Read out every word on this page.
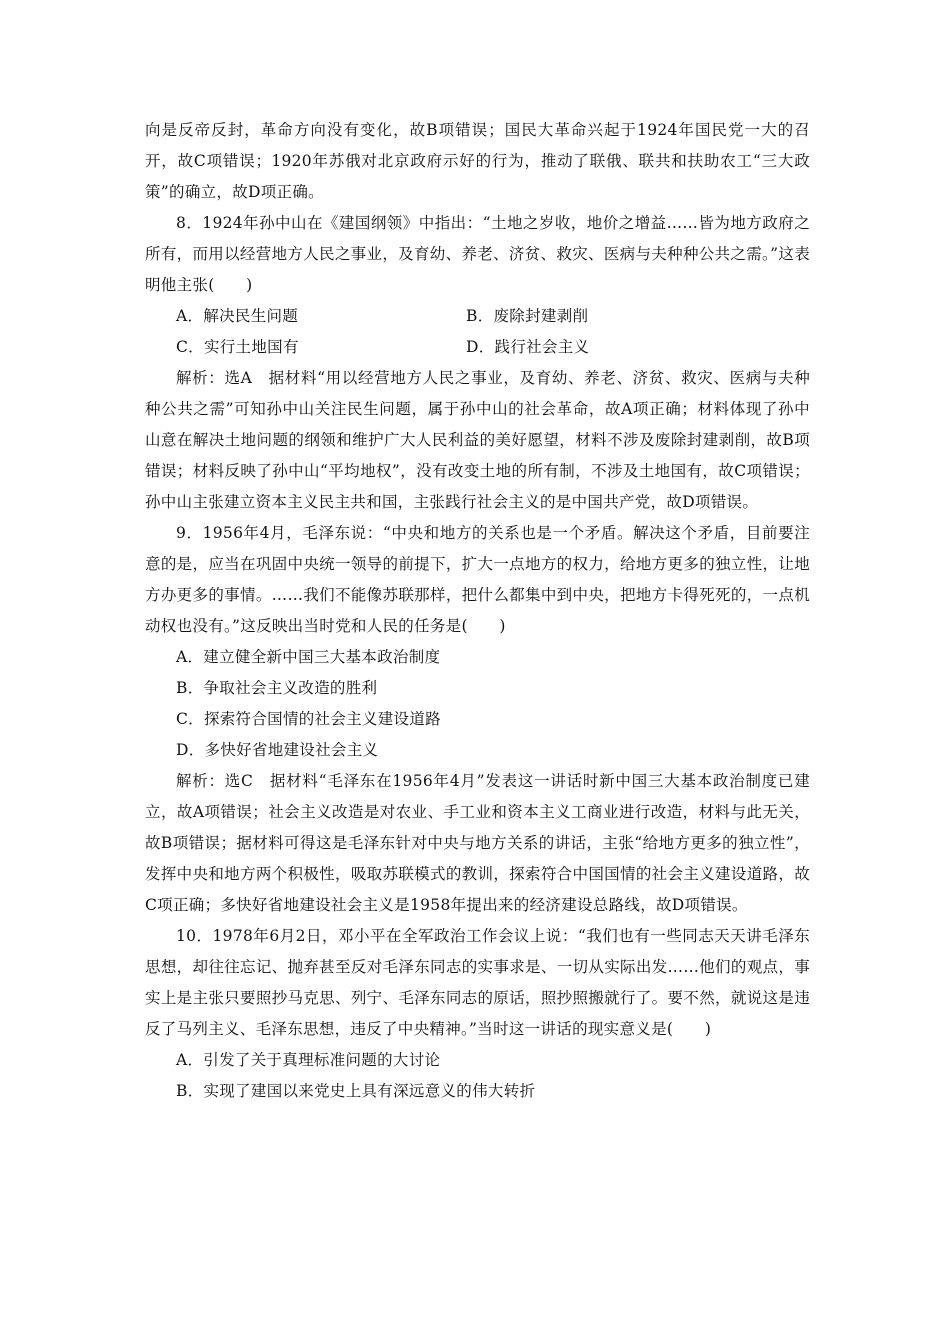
向是反帝反封，革命方向没有变化，故B项错误；国民大革命兴起于1924年国民党一大的召开，故C项错误；1920年苏俄对北京政府示好的行为，推动了联俄、联共和扶助农工“三大政策”的确立，故D项正确。

8．1924年孙中山在《建国纲领》中指出：“土地之岁收，地价之增益……皆为地方政府之所有，而用以经营地方人民之事业，及育幼、养老、济贫、救灾、医病与夫种种公共之需。”这表明他主张(　　)

A．解决民生问题	B．废除封建剥削
C．实行土地国有	D．践行社会主义

解析：选A　据材料“用以经营地方人民之事业，及育幼、养老、济贫、救灾、医病与夫种种公共之需”可知孙中山关注民生问题，属于孙中山的社会革命，故A项正确；材料体现了孙中山意在解决土地问题的纲领和维护广大人民利益的美好愿望，材料不涉及废除封建剥削，故B项错误；材料反映了孙中山“平均地权”，没有改变土地的所有制，不涉及土地国有，故C项错误；孙中山主张建立资本主义民主共和国，主张践行社会主义的是中国共产党，故D项错误。

9．1956年4月，毛泽东说：“中央和地方的关系也是一个矛盾。解决这个矛盾，目前要注意的是，应当在巩固中央统一领导的前提下，扩大一点地方的权力，给地方更多的独立性，让地方办更多的事情。……我们不能像苏联那样，把什么都集中到中央，把地方卡得死死的，一点机动权也没有。”这反映出当时党和人民的任务是(　　)

A．建立健全新中国三大基本政治制度
B．争取社会主义改造的胜利
C．探索符合国情的社会主义建设道路
D．多快好省地建设社会主义

解析：选C　据材料“毛泽东在1956年4月”发表这一讲话时新中国三大基本政治制度已建立，故A项错误；社会主义改造是对农业、手工业和资本主义工商业进行改造，材料与此无关，故B项错误；据材料可得这是毛泽东针对中央与地方关系的讲话，主张“给地方更多的独立性”，发挥中央和地方两个积极性，吸取苏联模式的教训，探索符合中国国情的社会主义建设道路，故C项正确；多快好省地建设社会主义是1958年提出来的经济建设总路线，故D项错误。

10．1978年6月2日，邓小平在全军政治工作会议上说：“我们也有一些同志天天讲毛泽东思想，却往往忘记、抛弃甚至反对毛泽东同志的实事求是、一切从实际出发……他们的观点，事实上是主张只要照抄马克思、列宁、毛泽东同志的原话，照抄照搬就行了。要不然，就说这是违反了马列主义、毛泽东思想，违反了中央精神。”当时这一讲话的现实意义是(　　)

A．引发了关于真理标准问题的大讨论
B．实现了建国以来党史上具有深远意义的伟大转折
